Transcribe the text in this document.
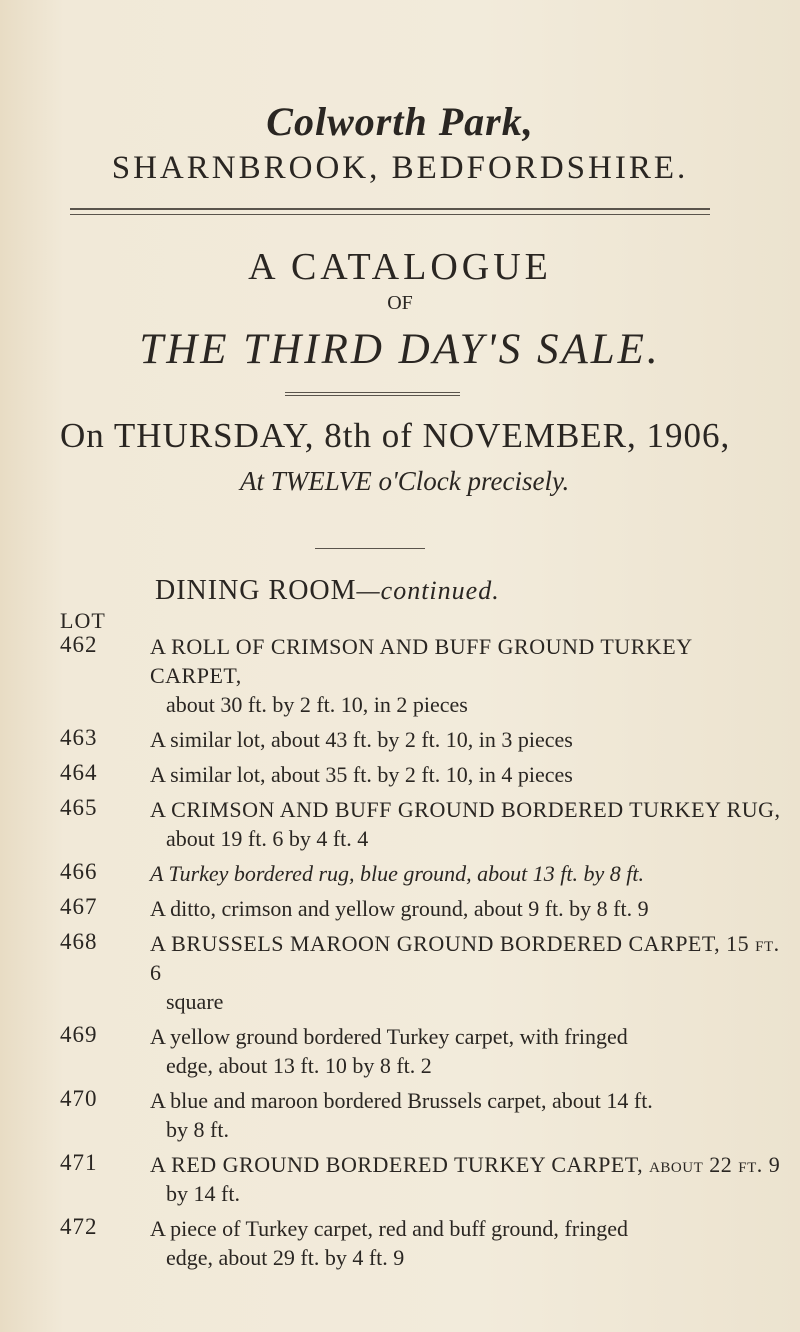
Colworth Park,
SHARNBROOK, BEDFORDSHIRE.
A CATALOGUE
OF
THE THIRD DAY'S SALE.
On THURSDAY, 8th of NOVEMBER, 1906,
At TWELVE o'Clock precisely.
DINING ROOM—continued.
LOT
462 A ROLL OF CRIMSON AND BUFF GROUND TURKEY CARPET,
about 30 ft. by 2 ft. 10, in 2 pieces
463 A similar lot, about 43 ft. by 2 ft. 10, in 3 pieces
464 A similar lot, about 35 ft. by 2 ft. 10, in 4 pieces
465 A CRIMSON AND BUFF GROUND BORDERED TURKEY RUG,
about 19 ft. 6 by 4 ft. 4
466 A Turkey bordered rug, blue ground, about 13 ft. by 8 ft.
467 A ditto, crimson and yellow ground, about 9 ft. by 8 ft. 9
468 A BRUSSELS MAROON GROUND BORDERED CARPET, 15 ft. 6
square
469 A yellow ground bordered Turkey carpet, with fringed
edge, about 13 ft. 10 by 8 ft. 2
470 A blue and maroon bordered Brussels carpet, about 14 ft.
by 8 ft.
471 A RED GROUND BORDERED TURKEY CARPET, about 22 ft. 9
by 14 ft.
472 A piece of Turkey carpet, red and buff ground, fringed
edge, about 29 ft. by 4 ft. 9
